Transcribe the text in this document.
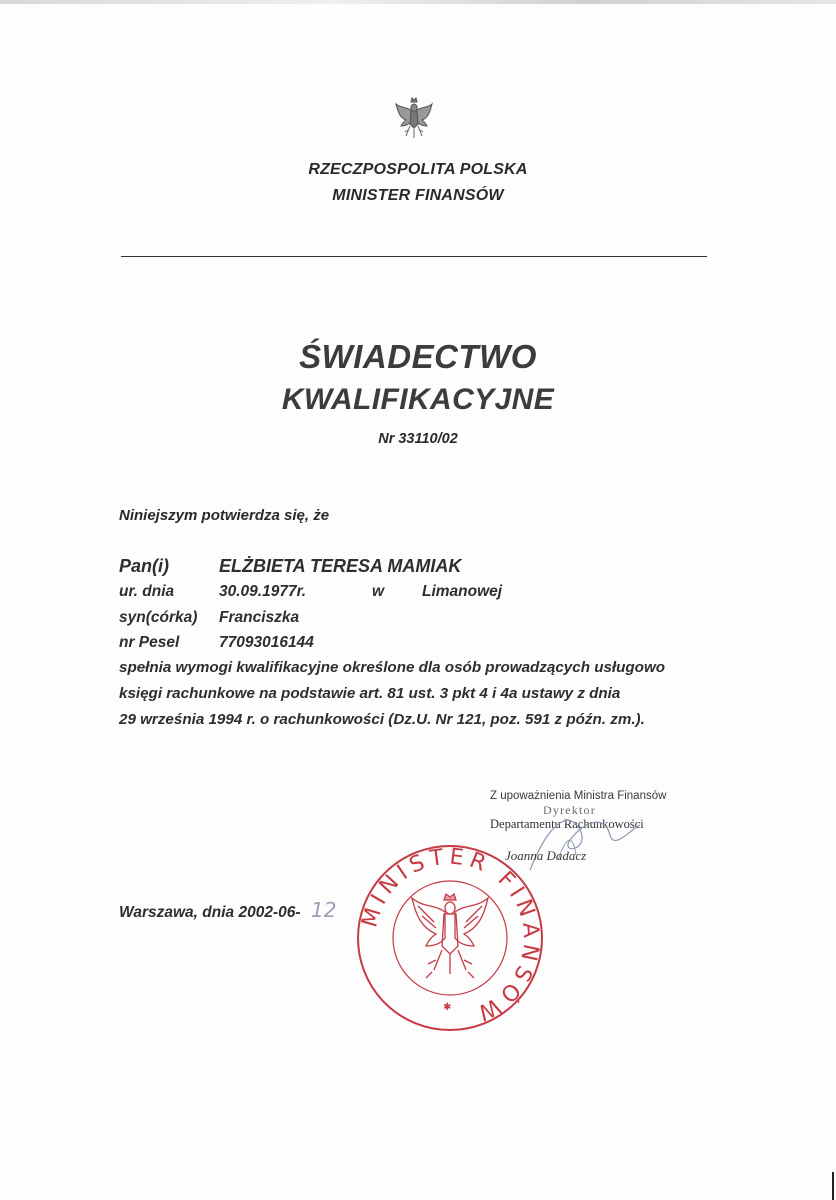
RZECZPOSPOLITA POLSKA
MINISTER FINANSÓW
ŚWIADECTWO
KWALIFIKACYJNE
Nr 33110/02
Niniejszym potwierdza się, że
Pan(i)	ELŻBIETA TERESA MAMIAK
ur. dnia	30.09.1977r.	w Limanowej
syn(córka) Franciszka
nr Pesel	77093016144
spełnia wymogi kwalifikacyjne określone dla osób prowadzących usługowo
księgi rachunkowe na podstawie art. 81 ust. 3 pkt 4 i 4a ustawy z dnia
29 września 1994 r. o rachunkowości (Dz.U. Nr 121, poz. 591 z późn. zm.).
Z upoważnienia Ministra Finansów
Dyrektor
Departamentu Rachunkowości
Joanna Dadacz
Warszawa, dnia 2002-06- 12 MINISTER FINANSÓW
✱
